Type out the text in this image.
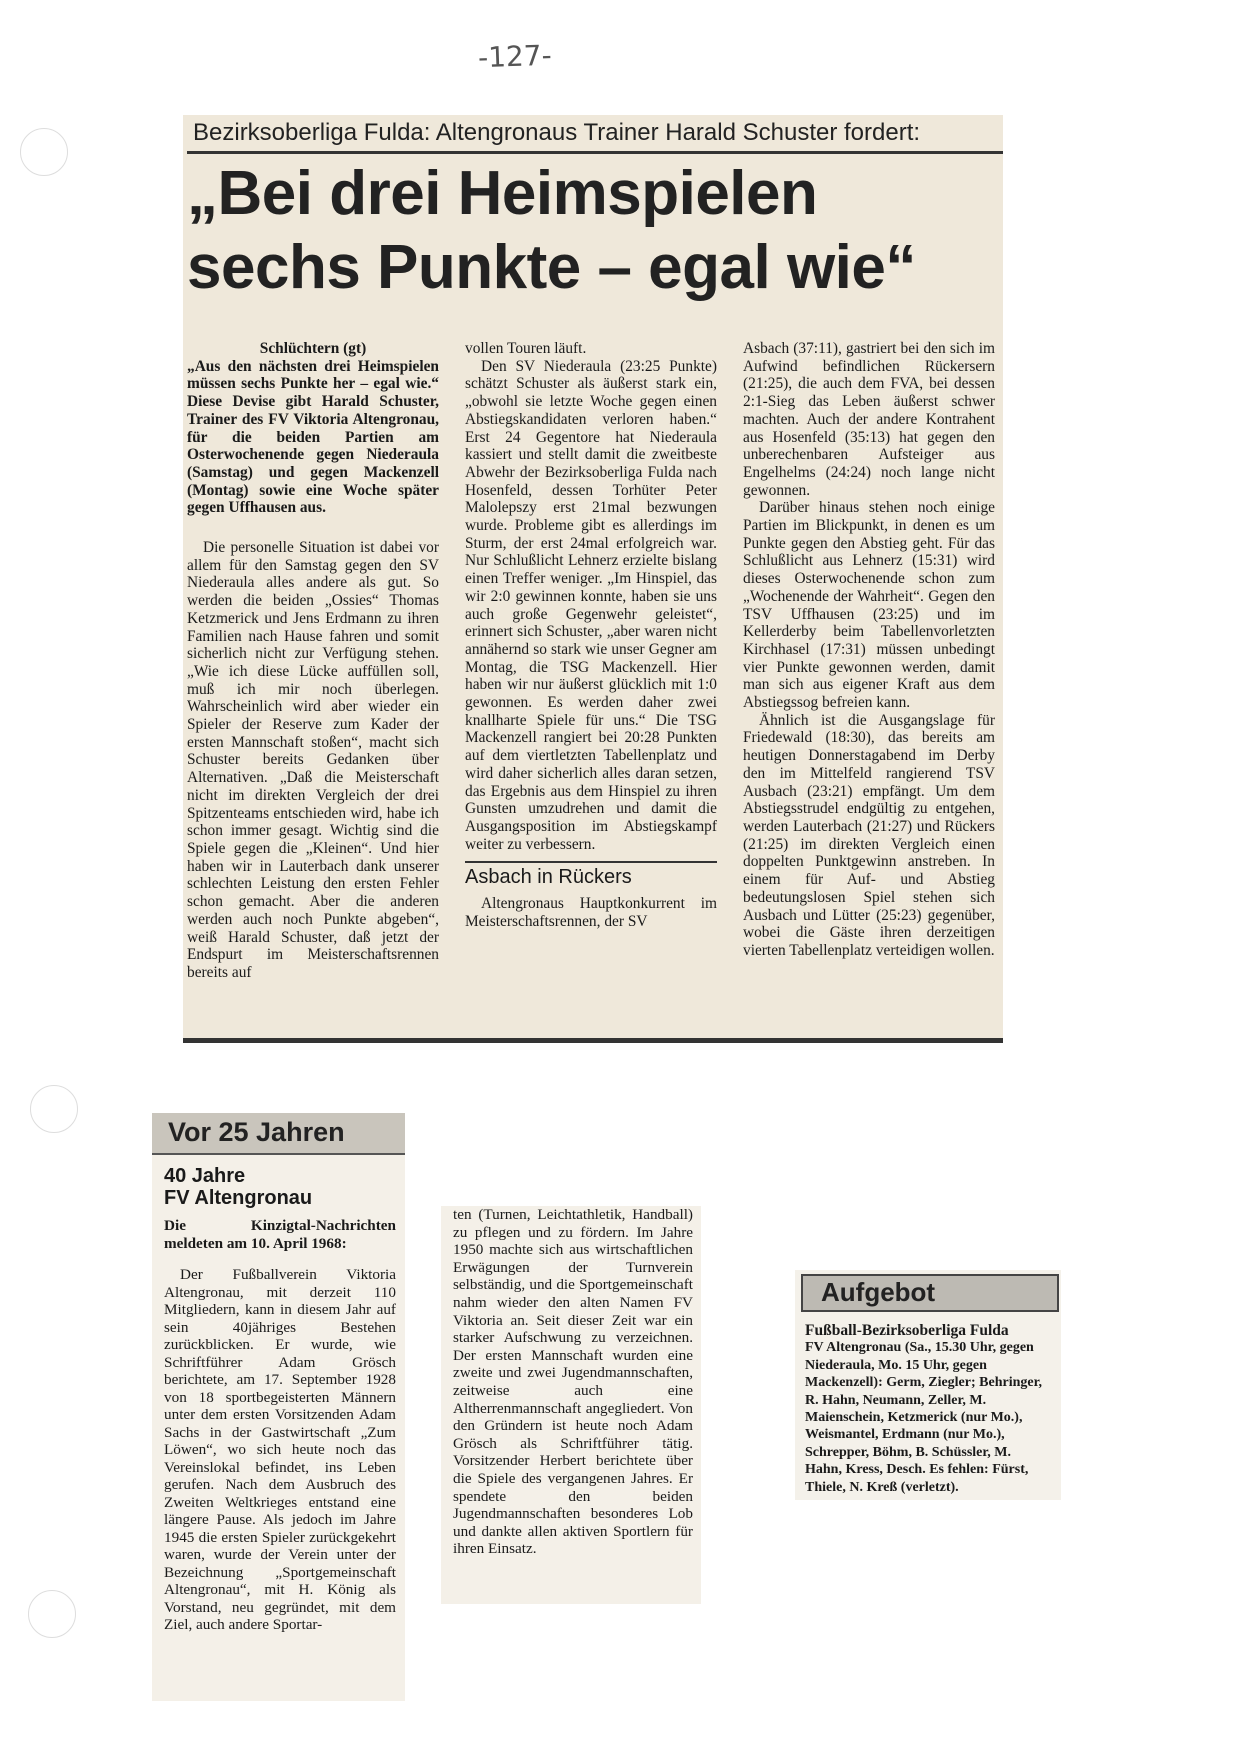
-127-
Bezirksoberliga Fulda: Altengronaus Trainer Harald Schuster fordert:
„Bei drei Heimspielen
sechs Punkte – egal wie“

Schlüchtern (gt)

„Aus den nächsten drei Heimspielen müssen sechs Punkte her – egal wie.“ Diese Devise gibt Harald Schuster, Trainer des FV Viktoria Altengronau, für die beiden Partien am Osterwochenende gegen Niederaula (Samstag) und gegen Mackenzell (Montag) sowie eine Woche später gegen Uffhausen aus.

Die personelle Situation ist dabei vor allem für den Samstag gegen den SV Niederaula alles andere als gut. So werden die beiden „Ossies“ Thomas Ketzmerick und Jens Erdmann zu ihren Familien nach Hause fahren und somit sicherlich nicht zur Verfügung stehen. „Wie ich diese Lücke auffüllen soll, muß ich mir noch überlegen. Wahrscheinlich wird aber wieder ein Spieler der Reserve zum Kader der ersten Mannschaft stoßen“, macht sich Schuster bereits Gedanken über Alternativen. „Daß die Meisterschaft nicht im direkten Vergleich der drei Spitzenteams entschieden wird, habe ich schon immer gesagt. Wichtig sind die Spiele gegen die „Kleinen“. Und hier haben wir in Lauterbach dank unserer schlechten Leistung den ersten Fehler schon gemacht. Aber die anderen werden auch noch Punkte abgeben“, weiß Harald Schuster, daß jetzt der Endspurt im Meisterschaftsrennen bereits auf

vollen Touren läuft.

Den SV Niederaula (23:25 Punkte) schätzt Schuster als äußerst stark ein, „obwohl sie letzte Woche gegen einen Abstiegskandidaten verloren haben.“ Erst 24 Gegentore hat Niederaula kassiert und stellt damit die zweitbeste Abwehr der Bezirksoberliga Fulda nach Hosenfeld, dessen Torhüter Peter Malolepszy erst 21mal bezwungen wurde. Probleme gibt es allerdings im Sturm, der erst 24mal erfolgreich war. Nur Schlußlicht Lehnerz erzielte bislang einen Treffer weniger. „Im Hinspiel, das wir 2:0 gewinnen konnte, haben sie uns auch große Gegenwehr geleistet“, erinnert sich Schuster, „aber waren nicht annähernd so stark wie unser Gegner am Montag, die TSG Mackenzell. Hier haben wir nur äußerst glücklich mit 1:0 gewonnen. Es werden daher zwei knallharte Spiele für uns.“ Die TSG Mackenzell rangiert bei 20:28 Punkten auf dem viertletzten Tabellenplatz und wird daher sicherlich alles daran setzen, das Ergebnis aus dem Hinspiel zu ihren Gunsten umzudrehen und damit die Ausgangsposition im Abstiegskampf weiter zu verbessern.

Asbach in Rückers

Altengronaus Hauptkonkurrent im Meisterschaftsrennen, der SV

Asbach (37:11), gastriert bei den sich im Aufwind befindlichen Rückersern (21:25), die auch dem FVA, bei dessen 2:1-Sieg das Leben äußerst schwer machten. Auch der andere Kontrahent aus Hosenfeld (35:13) hat gegen den unberechenbaren Aufsteiger aus Engelhelms (24:24) noch lange nicht gewonnen.

Darüber hinaus stehen noch einige Partien im Blickpunkt, in denen es um Punkte gegen den Abstieg geht. Für das Schlußlicht aus Lehnerz (15:31) wird dieses Osterwochenende schon zum „Wochenende der Wahrheit“. Gegen den TSV Uffhausen (23:25) und im Kellerderby beim Tabellenvorletzten Kirchhasel (17:31) müssen unbedingt vier Punkte gewonnen werden, damit man sich aus eigener Kraft aus dem Abstiegssog befreien kann.

Ähnlich ist die Ausgangslage für Friedewald (18:30), das bereits am heutigen Donnerstagabend im Derby den im Mittelfeld rangierend TSV Ausbach (23:21) empfängt. Um dem Abstiegsstrudel endgültig zu entgehen, werden Lauterbach (21:27) und Rückers (21:25) im direkten Vergleich einen doppelten Punktgewinn anstreben. In einem für Auf- und Abstieg bedeutungslosen Spiel stehen sich Ausbach und Lütter (25:23) gegenüber, wobei die Gäste ihren derzeitigen vierten Tabellenplatz verteidigen wollen.

Vor 25 Jahren
40 Jahre
FV Altengronau

Die Kinzigtal-Nachrichten meldeten am 10. April 1968:

Der Fußballverein Viktoria Altengronau, mit derzeit 110 Mitgliedern, kann in diesem Jahr auf sein 40jähriges Bestehen zurückblicken. Er wurde, wie Schriftführer Adam Grösch berichtete, am 17. September 1928 von 18 sportbegeisterten Männern unter dem ersten Vorsitzenden Adam Sachs in der Gastwirtschaft „Zum Löwen“, wo sich heute noch das Vereinslokal befindet, ins Leben gerufen. Nach dem Ausbruch des Zweiten Weltkrieges entstand eine längere Pause. Als jedoch im Jahre 1945 die ersten Spieler zurückgekehrt waren, wurde der Verein unter der Bezeichnung „Sportgemeinschaft Altengronau“, mit H. König als Vorstand, neu gegründet, mit dem Ziel, auch andere Sportar-

ten (Turnen, Leichtathletik, Handball) zu pflegen und zu fördern. Im Jahre 1950 machte sich aus wirtschaftlichen Erwägungen der Turnverein selbständig, und die Sportgemeinschaft nahm wieder den alten Namen FV Viktoria an. Seit dieser Zeit war ein starker Aufschwung zu verzeichnen. Der ersten Mannschaft wurden eine zweite und zwei Jugendmannschaften, zeitweise auch eine Altherrenmannschaft angegliedert. Von den Gründern ist heute noch Adam Grösch als Schriftführer tätig. Vorsitzender Herbert berichtete über die Spiele des vergangenen Jahres. Er spendete den beiden Jugendmannschaften besonderes Lob und dankte allen aktiven Sportlern für ihren Einsatz.

Aufgebot

Fußball-Bezirksoberliga Fulda

FV Altengronau (Sa., 15.30 Uhr, gegen Niederaula, Mo. 15 Uhr, gegen Mackenzell): Germ, Ziegler; Behringer, R. Hahn, Neumann, Zeller, M. Maienschein, Ketzmerick (nur Mo.), Weismantel, Erdmann (nur Mo.), Schrepper, Böhm, B. Schüssler, M. Hahn, Kress, Desch. Es fehlen: Fürst, Thiele, N. Kreß (verletzt).
